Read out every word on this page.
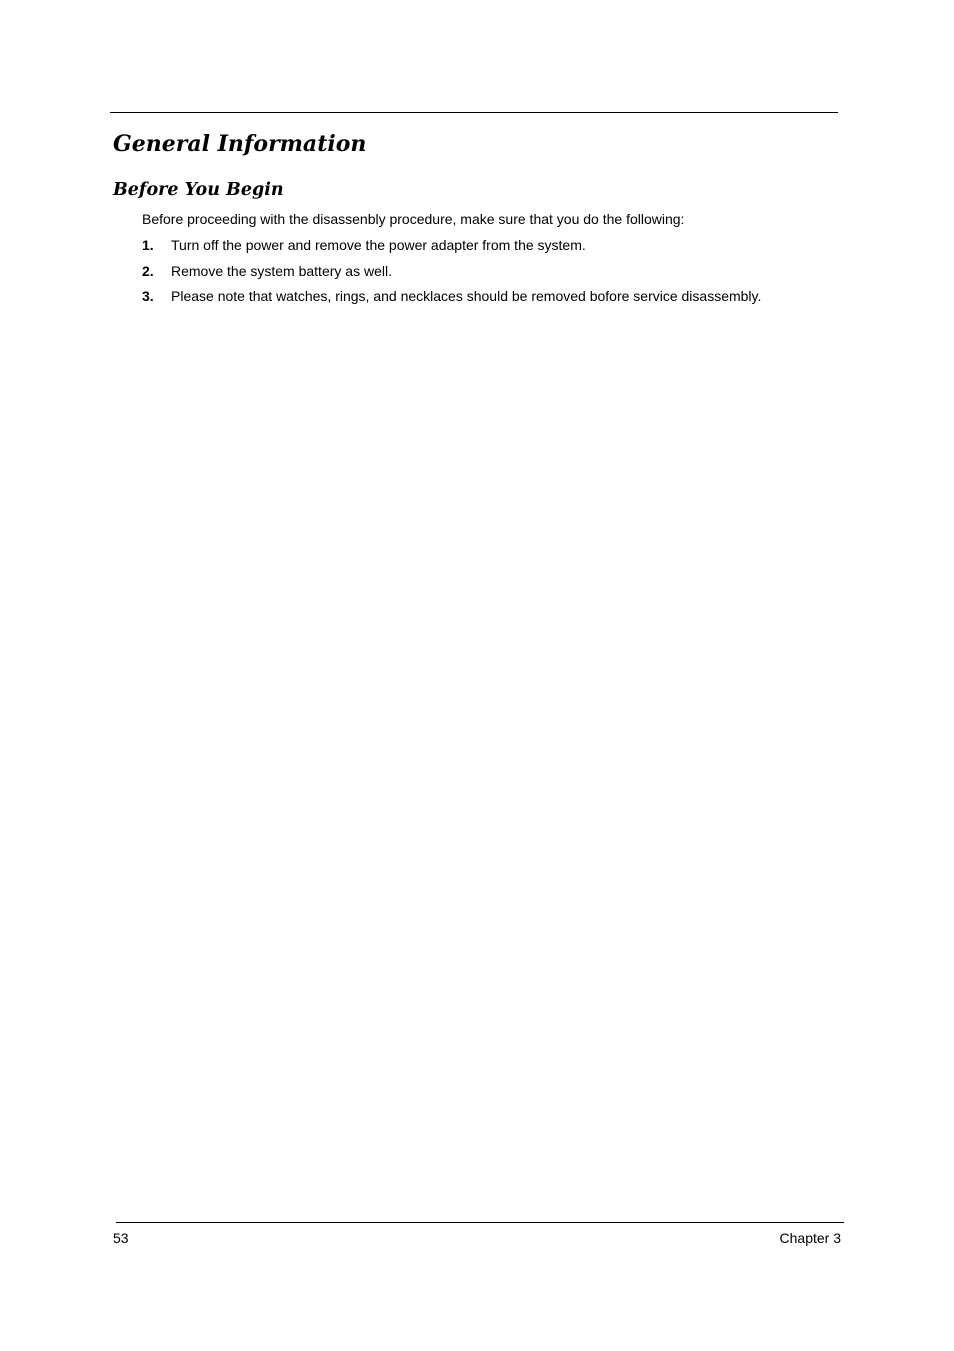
General Information
Before You Begin

Before proceeding with the disassenbly procedure, make sure that you do the following:

1. Turn off the power and remove the power adapter from the system.
2. Remove the system battery as well.
3. Please note that watches, rings, and necklaces should be removed bofore service disassembly.
53	Chapter 3
